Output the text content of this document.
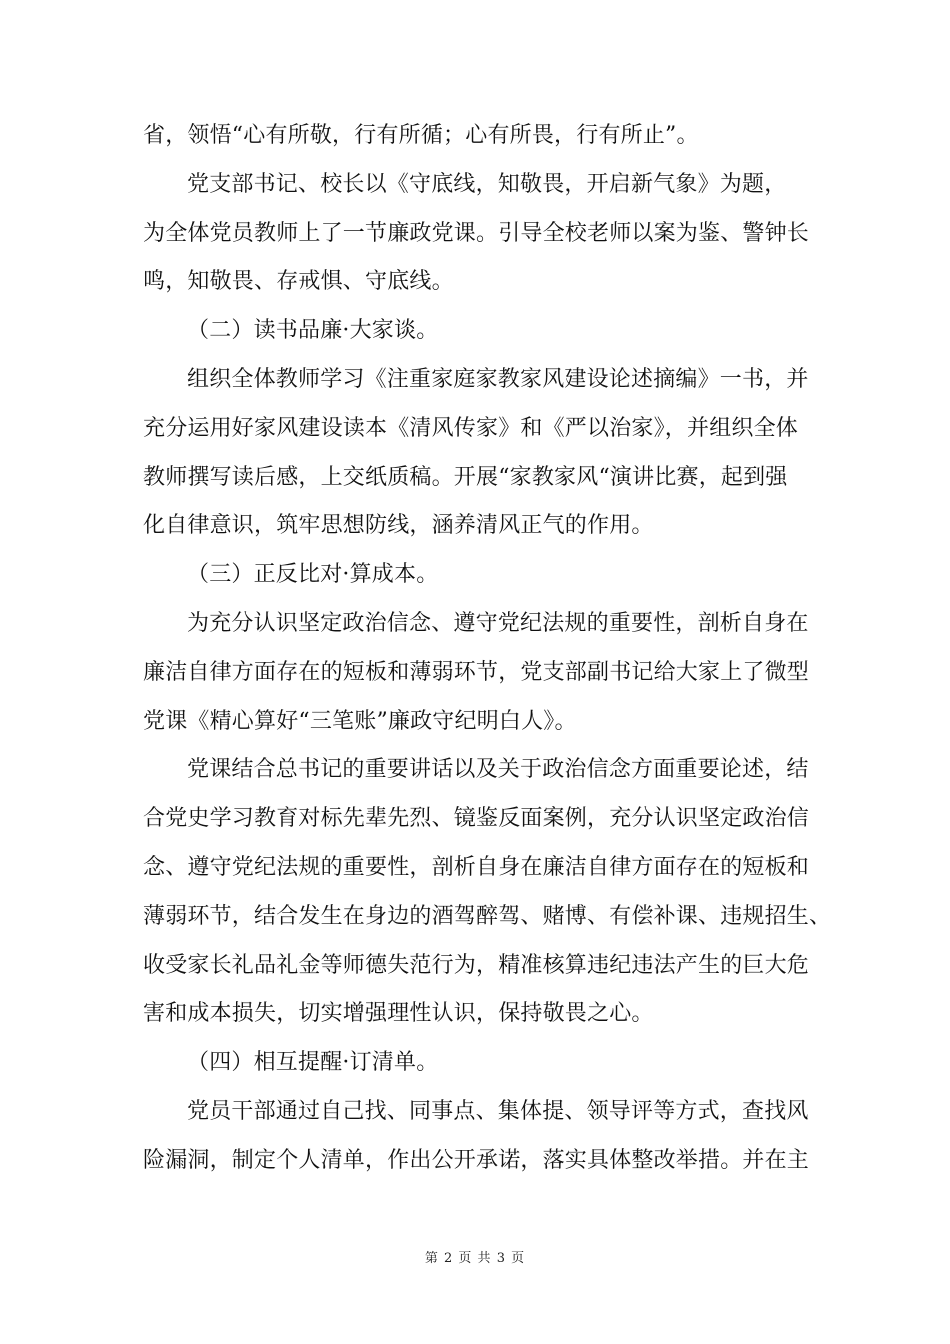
省，领悟“心有所敬，行有所循；心有所畏，行有所止”。
党支部书记、校长以《守底线，知敬畏，开启新气象》为题，
为全体党员教师上了一节廉政党课。引导全校老师以案为鉴、警钟长
鸣，知敬畏、存戒惧、守底线。
（二）读书品廉·大家谈。
组织全体教师学习《注重家庭家教家风建设论述摘编》一书，并
充分运用好家风建设读本《清风传家》和《严以治家》，并组织全体
教师撰写读后感，上交纸质稿。开展“家教家风“演讲比赛，起到强
化自律意识，筑牢思想防线，涵养清风正气的作用。
（三）正反比对·算成本。
为充分认识坚定政治信念、遵守党纪法规的重要性，剖析自身在
廉洁自律方面存在的短板和薄弱环节，党支部副书记给大家上了微型
党课《精心算好“三笔账”廉政守纪明白人》。
党课结合总书记的重要讲话以及关于政治信念方面重要论述，结
合党史学习教育对标先辈先烈、镜鉴反面案例，充分认识坚定政治信
念、遵守党纪法规的重要性，剖析自身在廉洁自律方面存在的短板和
薄弱环节，结合发生在身边的酒驾醉驾、赌博、有偿补课、违规招生、
收受家长礼品礼金等师德失范行为，精准核算违纪违法产生的巨大危
害和成本损失，切实增强理性认识，保持敬畏之心。
（四）相互提醒·订清单。
党员干部通过自己找、同事点、集体提、领导评等方式，查找风
险漏洞，制定个人清单，作出公开承诺，落实具体整改举措。并在主
第 2 页 共 3 页
